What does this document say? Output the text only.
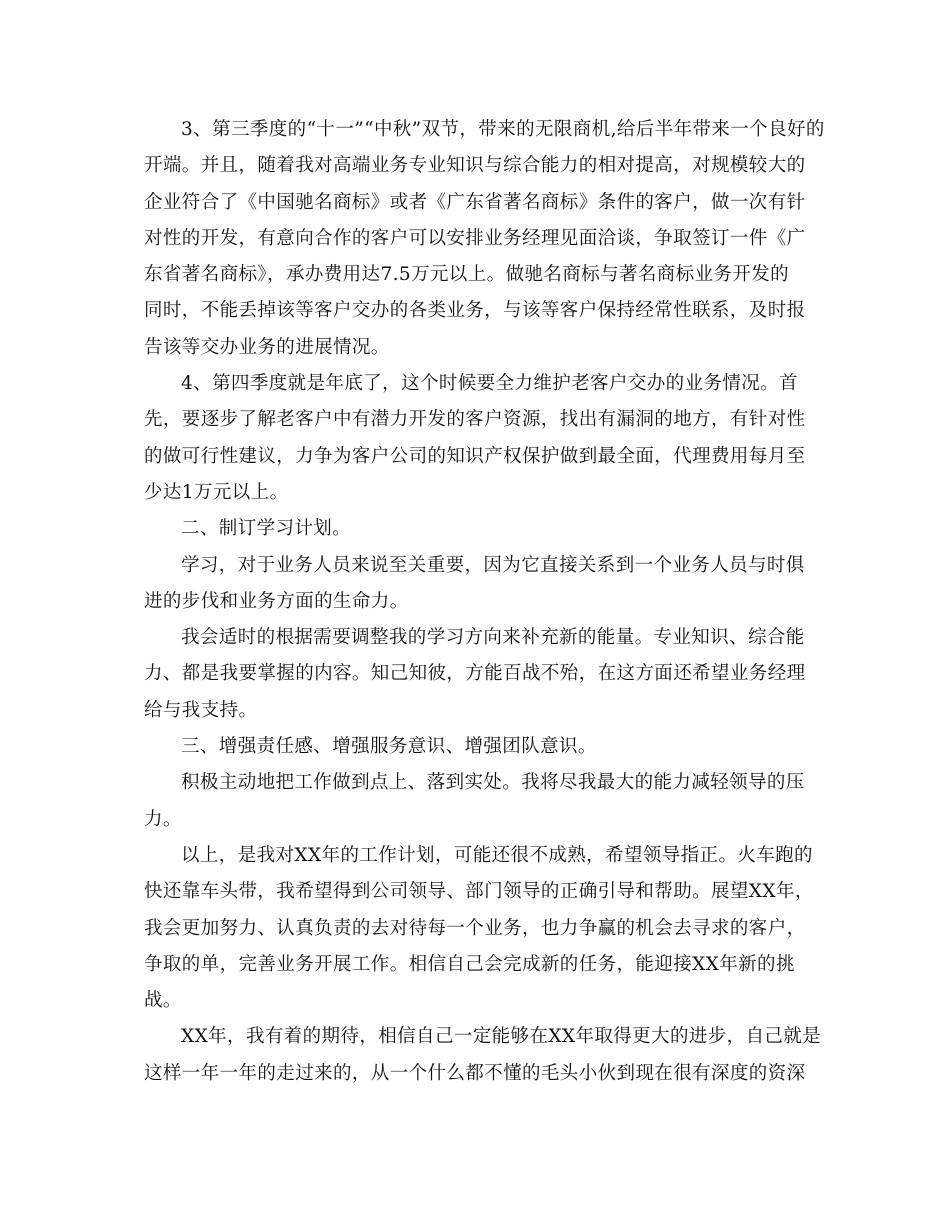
3、第三季度的“十一”“中秋”双节，带来的无限商机,给后半年带来一个良好的
开端。并且，随着我对高端业务专业知识与综合能力的相对提高，对规模较大的
企业符合了《中国驰名商标》或者《广东省著名商标》条件的客户，做一次有针
对性的开发，有意向合作的客户可以安排业务经理见面洽谈，争取签订一件《广
东省著名商标》，承办费用达7.5万元以上。做驰名商标与著名商标业务开发的
同时，不能丢掉该等客户交办的各类业务，与该等客户保持经常性联系，及时报
告该等交办业务的进展情况。

4、第四季度就是年底了，这个时候要全力维护老客户交办的业务情况。首
先，要逐步了解老客户中有潜力开发的客户资源，找出有漏洞的地方，有针对性
的做可行性建议，力争为客户公司的知识产权保护做到最全面，代理费用每月至
少达1万元以上。

二、制订学习计划。

学习，对于业务人员来说至关重要，因为它直接关系到一个业务人员与时俱
进的步伐和业务方面的生命力。

我会适时的根据需要调整我的学习方向来补充新的能量。专业知识、综合能
力、都是我要掌握的内容。知己知彼，方能百战不殆，在这方面还希望业务经理
给与我支持。

三、增强责任感、增强服务意识、增强团队意识。

积极主动地把工作做到点上、落到实处。我将尽我最大的能力减轻领导的压
力。

以上，是我对XX年的工作计划，可能还很不成熟，希望领导指正。火车跑的
快还靠车头带，我希望得到公司领导、部门领导的正确引导和帮助。展望XX年，
我会更加努力、认真负责的去对待每一个业务，也力争赢的机会去寻求的客户，
争取的单，完善业务开展工作。相信自己会完成新的任务，能迎接XX年新的挑
战。

XX年，我有着的期待，相信自己一定能够在XX年取得更大的进步，自己就是
这样一年一年的走过来的，从一个什么都不懂的毛头小伙到现在很有深度的资深
